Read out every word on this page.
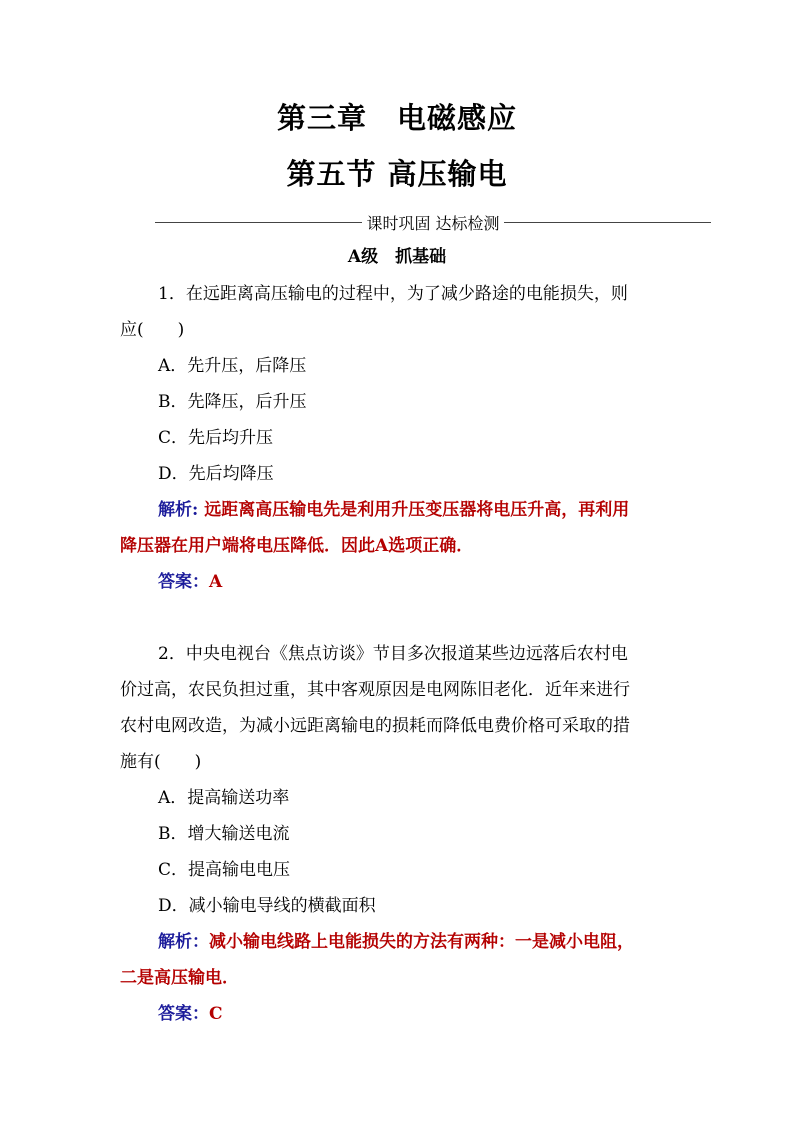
第三章　电磁感应
第五节 高压输电
课时巩固 达标检测
A级　抓基础
1．在远距离高压输电的过程中，为了减少路途的电能损失，则
应(　　)
A．先升压，后降压
B．先降压，后升压
C．先后均升压
D．先后均降压
解析: 远距离高压输电先是利用升压变压器将电压升高，再利用
降压器在用户端将电压降低．因此A选项正确．
答案：A
2．中央电视台《焦点访谈》节目多次报道某些边远落后农村电
价过高，农民负担过重，其中客观原因是电网陈旧老化．近年来进行
农村电网改造，为减小远距离输电的损耗而降低电费价格可采取的措
施有(　　)
A．提高输送功率
B．增大输送电流
C．提高输电电压
D．减小输电导线的横截面积
解析：减小输电线路上电能损失的方法有两种：一是减小电阻，
二是高压输电．
答案：C
